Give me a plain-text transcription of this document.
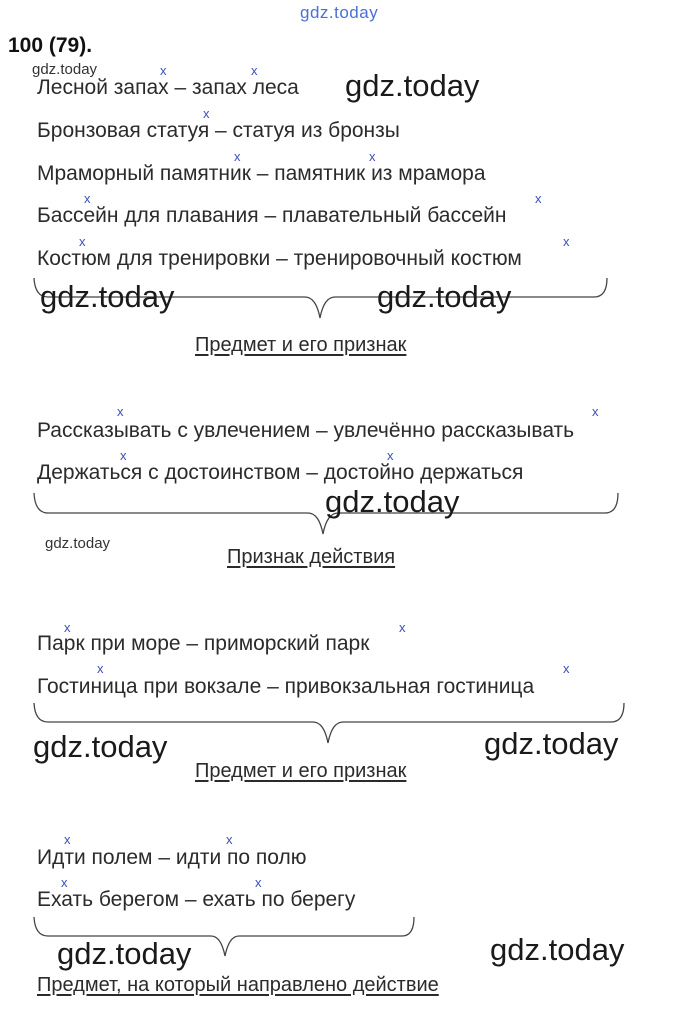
gdz.today
100 (79).
gdz.today	x	x
Лесной запах – запах леса gdz.today
x
Бронзовая статуя – статуя из бронзы
x	x
Мраморный памятник – памятник из мрамора
x	x
Бассейн для плавания – плавательный бассейн
x	x
Костюм для тренировки – тренировочный костюм
gdz.today	gdz.today
Предмет и его признак
x	x
Рассказывать с увлечением – увлечённо рассказывать
x	x
Держаться с достоинством – достойно держаться
gdz.today
gdz.today
Признак действия
x	x
Парк при море – приморский парк
x	x
Гостиница при вокзале – привокзальная гостиница
gdz.today	gdz.today
Предмет и его признак
x	x
Идти полем – идти по полю
x	x
Ехать берегом – ехать по берегу
gdz.today	gdz.today
Предмет, на который направлено действие
